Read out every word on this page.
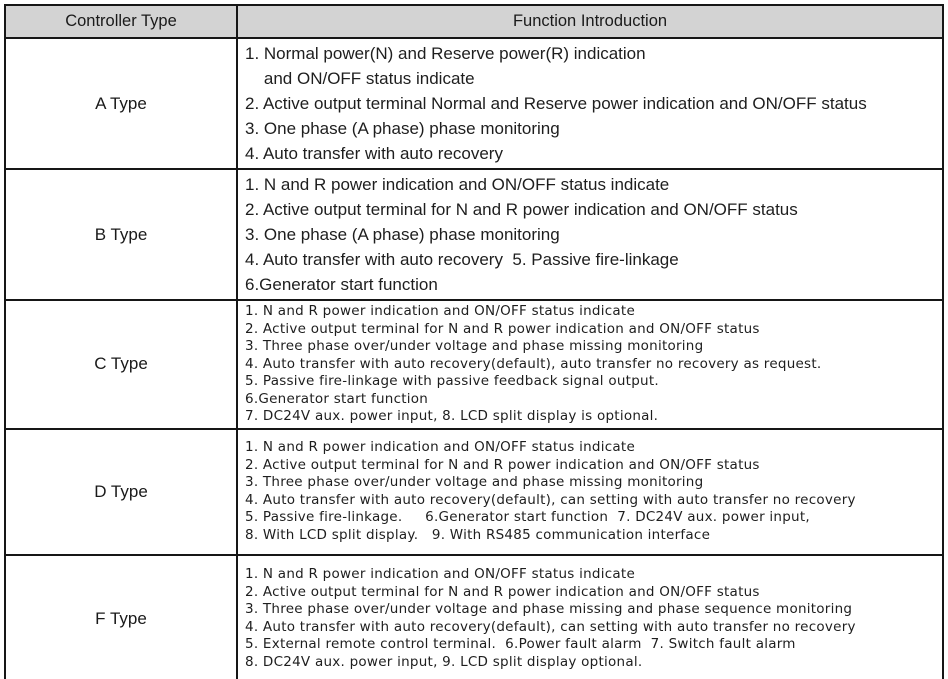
Controller Type	Function Introduction
A Type	1. Normal power(N) and Reserve power(R) indication
and ON/OFF status indicate
2. Active output terminal Normal and Reserve power indication and ON/OFF status
3. One phase (A phase) phase monitoring
4. Auto transfer with auto recovery

B Type	1. N and R power indication and ON/OFF status indicate
2. Active output terminal for N and R power indication and ON/OFF status
3. One phase (A phase) phase monitoring
4. Auto transfer with auto recovery  5. Passive fire-linkage
6.Generator start function

C Type	
1. N and R power indication and ON/OFF status indicate
2. Active output terminal for N and R power indication and ON/OFF status
3. Three phase over/under voltage and phase missing monitoring
4. Auto transfer with auto recovery(default), auto transfer no recovery as request.
5. Passive fire-linkage with passive feedback signal output.
6.Generator start function
7. DC24V aux. power input, 8. LCD split display is optional.

D Type	
1. N and R power indication and ON/OFF status indicate
2. Active output terminal for N and R power indication and ON/OFF status
3. Three phase over/under voltage and phase missing monitoring
4. Auto transfer with auto recovery(default), can setting with auto transfer no recovery
5. Passive fire-linkage.     6.Generator start function  7. DC24V aux. power input,
8. With LCD split display.   9. With RS485 communication interface

F Type	
1. N and R power indication and ON/OFF status indicate
2. Active output terminal for N and R power indication and ON/OFF status
3. Three phase over/under voltage and phase missing and phase sequence monitoring
4. Auto transfer with auto recovery(default), can setting with auto transfer no recovery
5. External remote control terminal.  6.Power fault alarm  7. Switch fault alarm
8. DC24V aux. power input, 9. LCD split display optional.
